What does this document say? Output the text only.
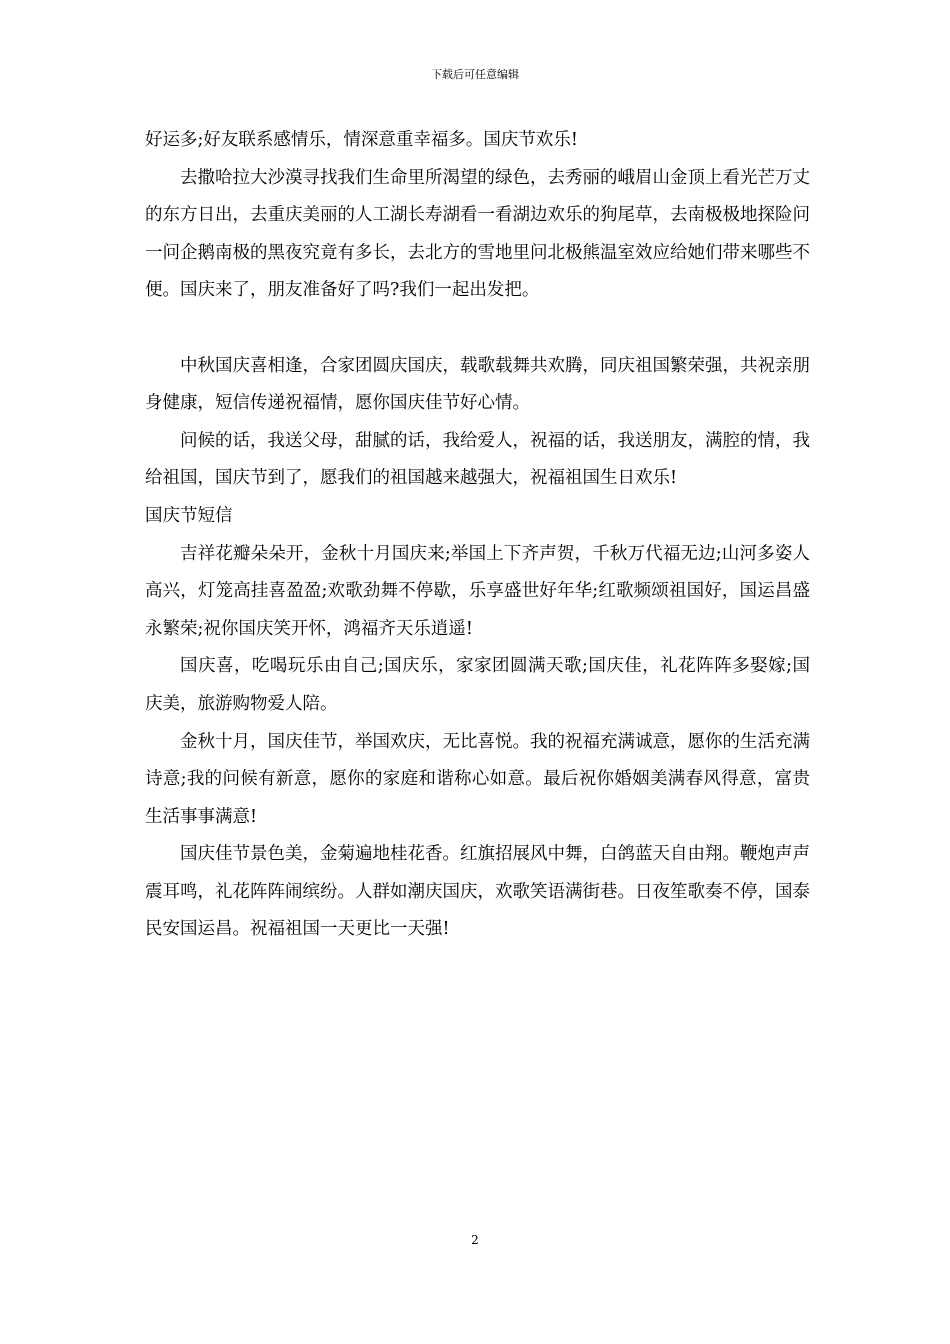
下载后可任意编辑

好运多;好友联系感情乐，情深意重幸福多。国庆节欢乐!

去撒哈拉大沙漠寻找我们生命里所渴望的绿色，去秀丽的峨眉山金顶上看光芒万丈的东方日出，去重庆美丽的人工湖长寿湖看一看湖边欢乐的狗尾草，去南极极地探险问一问企鹅南极的黑夜究竟有多长，去北方的雪地里问北极熊温室效应给她们带来哪些不便。国庆来了，朋友准备好了吗?我们一起出发把。

中秋国庆喜相逢，合家团圆庆国庆，载歌载舞共欢腾，同庆祖国繁荣强，共祝亲朋身健康，短信传递祝福情，愿你国庆佳节好心情。

问候的话，我送父母，甜腻的话，我给爱人，祝福的话，我送朋友，满腔的情，我给祖国，国庆节到了，愿我们的祖国越来越强大，祝福祖国生日欢乐!

国庆节短信

吉祥花瓣朵朵开，金秋十月国庆来;举国上下齐声贺，千秋万代福无边;山河多姿人高兴，灯笼高挂喜盈盈;欢歌劲舞不停歇，乐享盛世好年华;红歌频颂祖国好，国运昌盛永繁荣;祝你国庆笑开怀，鸿福齐天乐逍遥!

国庆喜，吃喝玩乐由自己;国庆乐，家家团圆满天歌;国庆佳，礼花阵阵多娶嫁;国庆美，旅游购物爱人陪。

金秋十月，国庆佳节，举国欢庆，无比喜悦。我的祝福充满诚意，愿你的生活充满诗意;我的问候有新意，愿你的家庭和谐称心如意。最后祝你婚姻美满春风得意，富贵生活事事满意!

国庆佳节景色美，金菊遍地桂花香。红旗招展风中舞，白鸽蓝天自由翔。鞭炮声声震耳鸣，礼花阵阵闹缤纷。人群如潮庆国庆，欢歌笑语满街巷。日夜笙歌奏不停，国泰民安国运昌。祝福祖国一天更比一天强!

2
